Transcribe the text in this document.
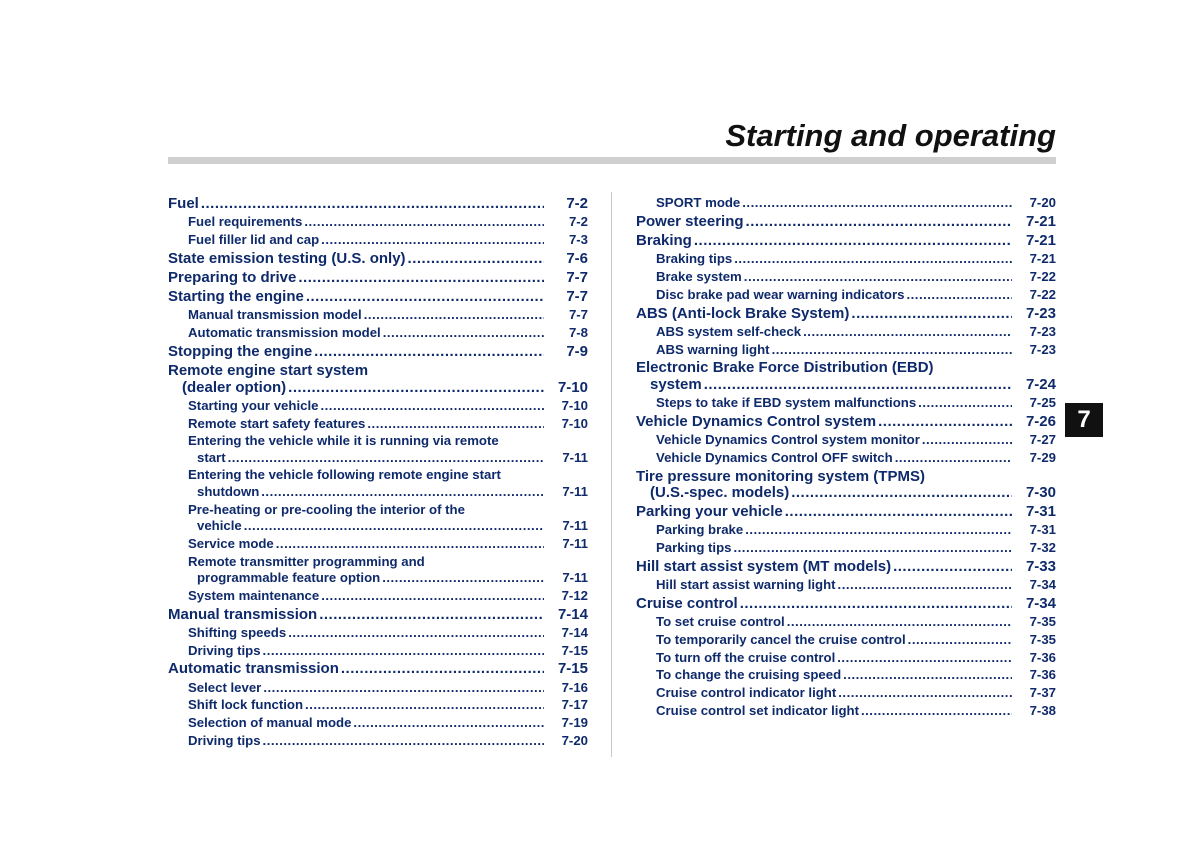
Starting and operating
Fuel .....	7-2
Fuel requirements .....	7-2
Fuel filler lid and cap .....	7-3
State emission testing (U.S. only) .....	7-6
Preparing to drive .....	7-7
Starting the engine .....	7-7
Manual transmission model .....	7-7
Automatic transmission model .....	7-8
Stopping the engine .....	7-9
Remote engine start system
(dealer option) .....	7-10
Starting your vehicle .....	7-10
Remote start safety features .....	7-10
Entering the vehicle while it is running via remote
start .....	7-11
Entering the vehicle following remote engine start
shutdown .....	7-11
Pre-heating or pre-cooling the interior of the
vehicle .....	7-11
Service mode .....	7-11
Remote transmitter programming and
programmable feature option .....	7-11
System maintenance .....	7-12
Manual transmission .....	7-14
Shifting speeds .....	7-14
Driving tips .....	7-15
Automatic transmission .....	7-15
Select lever .....	7-16
Shift lock function .....	7-17
Selection of manual mode .....	7-19
Driving tips .....	7-20
SPORT mode .....	7-20
Power steering .....	7-21
Braking .....	7-21
Braking tips .....	7-21
Brake system .....	7-22
Disc brake pad wear warning indicators .....	7-22
ABS (Anti-lock Brake System) .....	7-23
ABS system self-check .....	7-23
ABS warning light .....	7-23
Electronic Brake Force Distribution (EBD)
system .....	7-24
Steps to take if EBD system malfunctions .....	7-25
Vehicle Dynamics Control system .....	7-26
Vehicle Dynamics Control system monitor .....	7-27
Vehicle Dynamics Control OFF switch .....	7-29
Tire pressure monitoring system (TPMS)
(U.S.-spec. models) .....	7-30
Parking your vehicle .....	7-31
Parking brake .....	7-31
Parking tips .....	7-32
Hill start assist system (MT models) .....	7-33
Hill start assist warning light .....	7-34
Cruise control .....	7-34
To set cruise control .....	7-35
To temporarily cancel the cruise control .....	7-35
To turn off the cruise control .....	7-36
To change the cruising speed .....	7-36
Cruise control indicator light .....	7-37
Cruise control set indicator light .....	7-38
7
